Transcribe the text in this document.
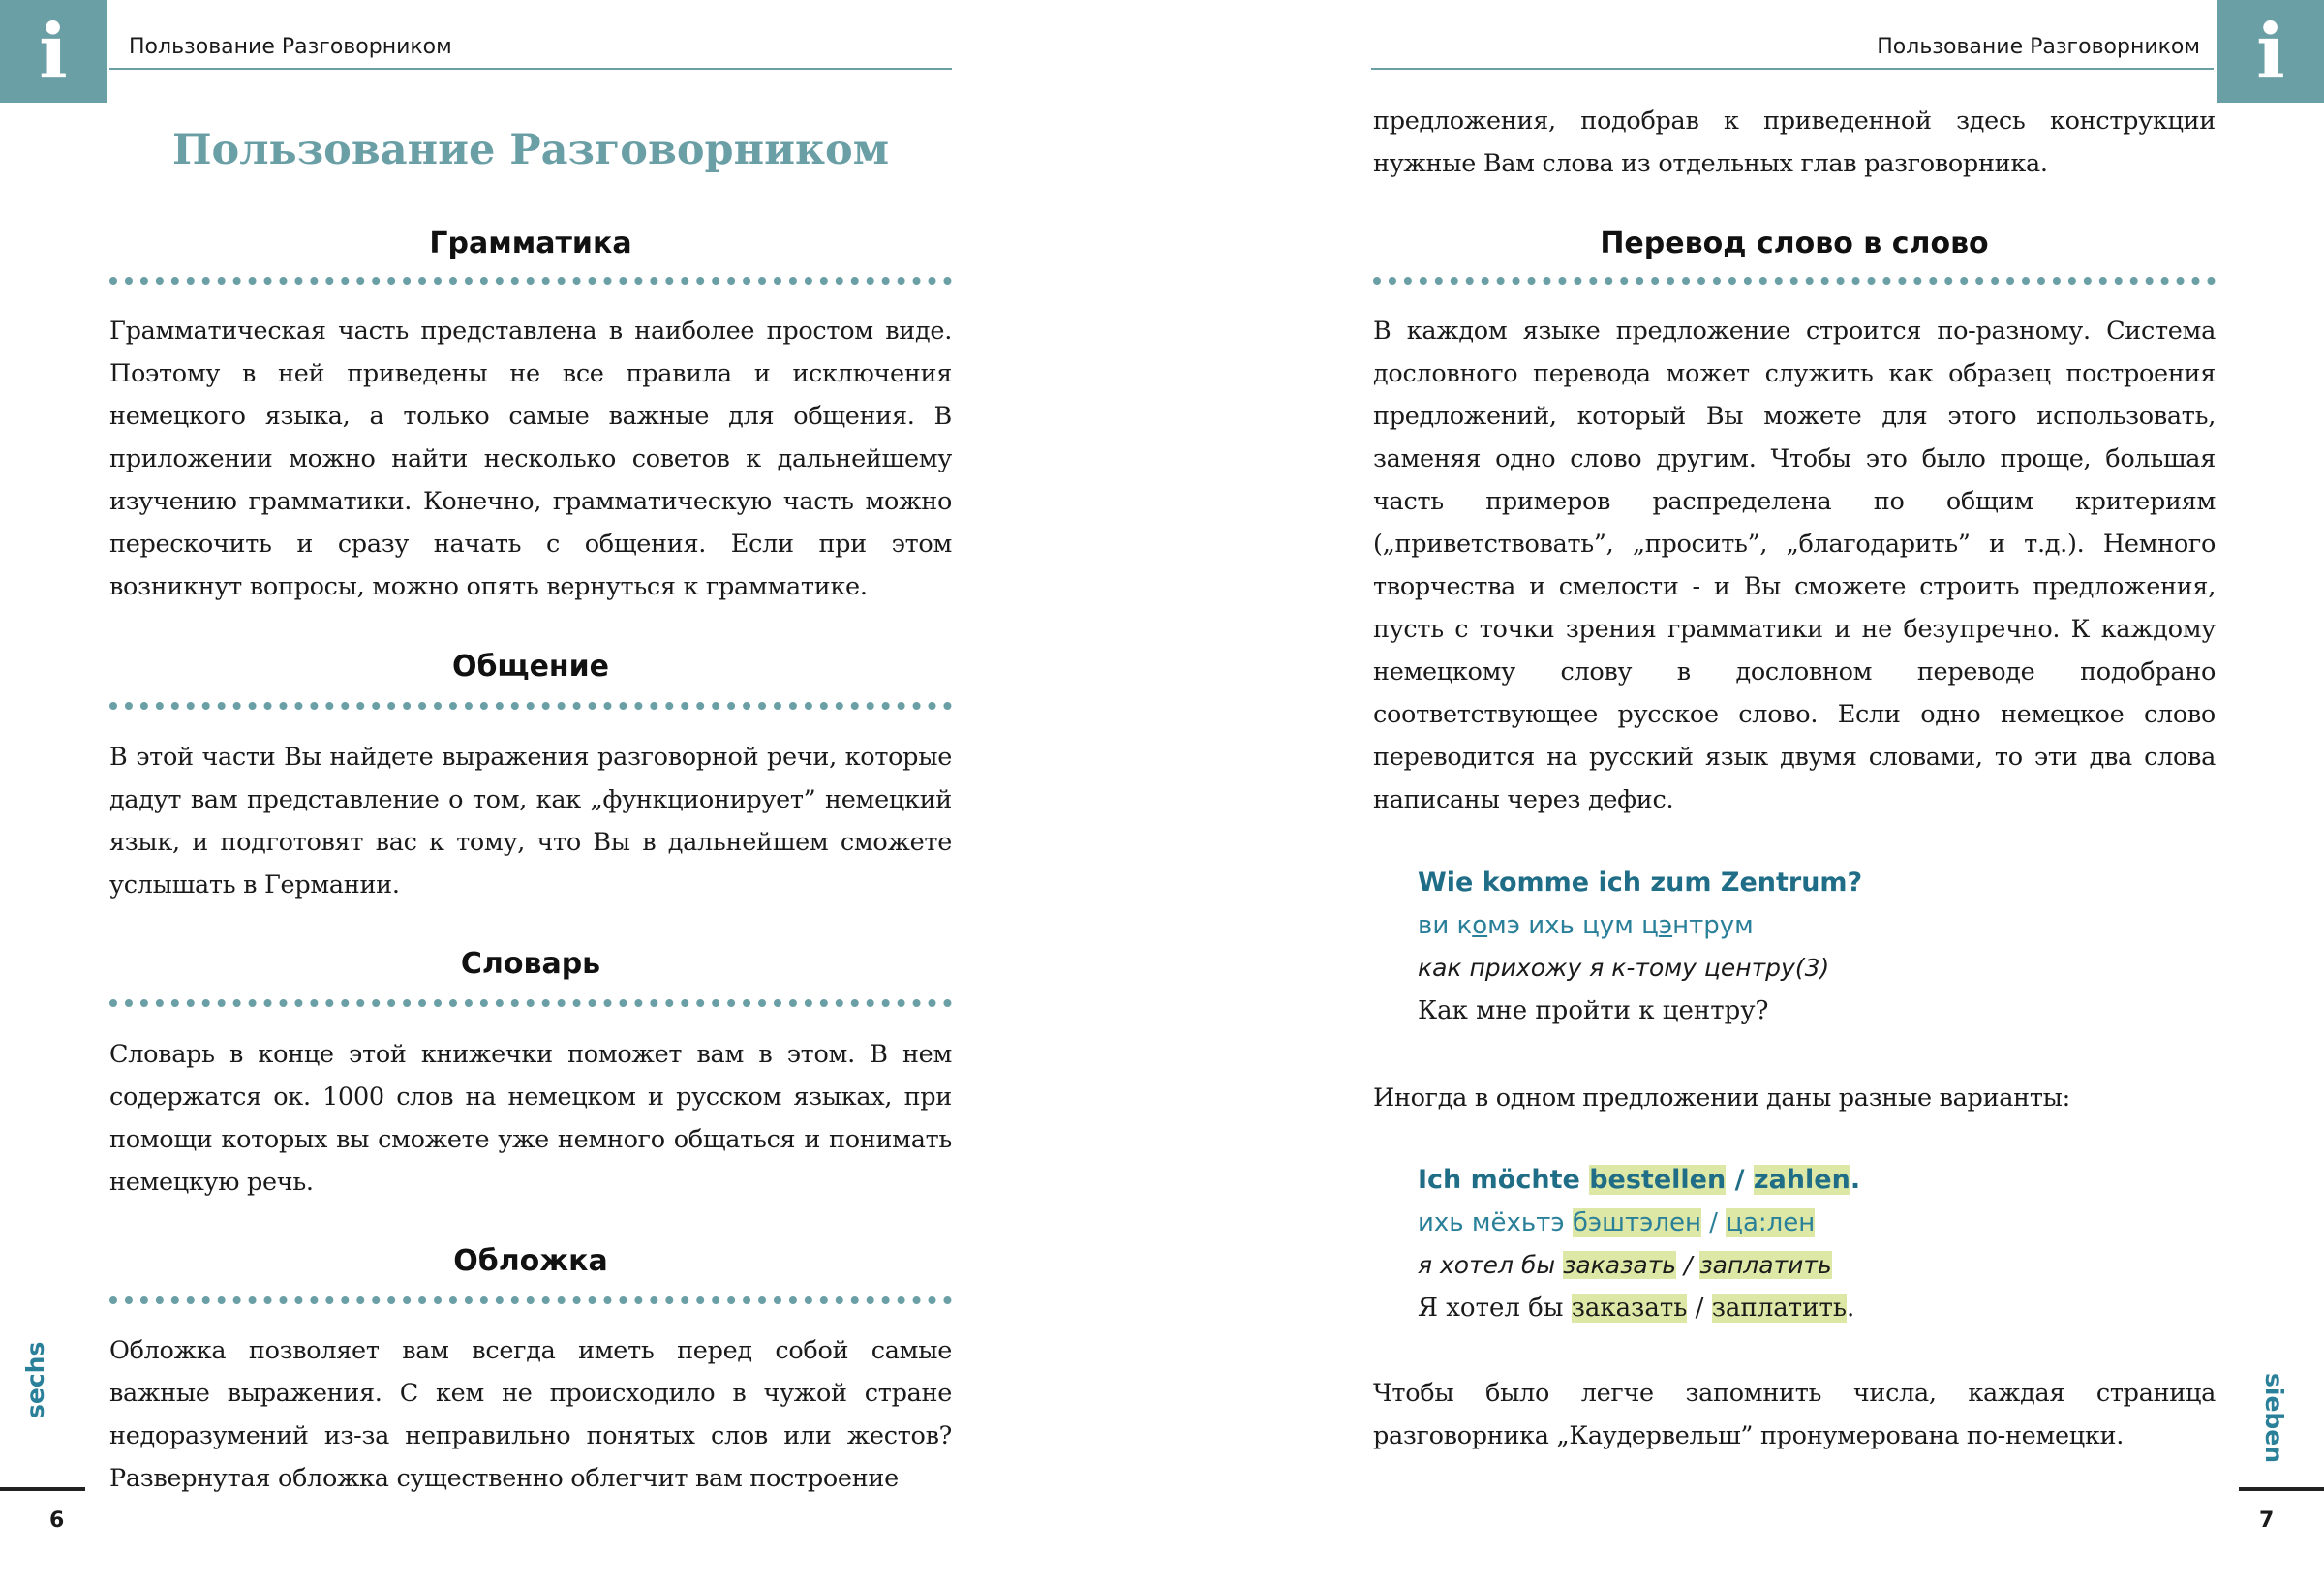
i	Пользование Разговорником
Пользование Разговорником
Грамматика
Грамматическая часть представлена в наиболее простом виде. Поэтому в ней приведены не все правила и исключения немецкого языка, а только самые важные для общения. В приложении можно найти несколько советов к дальнейшему изучению грамматики. Конечно, грамматическую часть можно перескочить и сразу начать с общения. Если при этом возникнут вопросы, можно опять вернуться к грамматике.
Общение
В этой части Вы найдете выражения разговорной речи, которые дадут вам представление о том, как „функционирует” немецкий язык, и подготовят вас к тому, что Вы в дальнейшем сможете услышать в Германии.
Словарь
Словарь в конце этой книжечки поможет вам в этом. В нем содержатся ок. 1000 слов на немецком и русском языках, при помощи которых вы сможете уже немного общаться и понимать немецкую речь.
Обложка
Обложка позволяет вам всегда иметь перед собой самые важные выражения. С кем не происходило в чужой стране недоразумений из-за неправильно понятых слов или жестов? Развернутая обложка существенно облегчит вам построение
sechs
6
i
Пользование Разговорником
предложения, подобрав к приведенной здесь конструкции нужные Вам слова из отдельных глав разговорника.
Перевод слово в слово
В каждом языке предложение строится по-разному. Система дословного перевода может служить как образец построения предложений, который Вы можете для этого использовать, заменяя одно слово другим. Чтобы это было проще, большая часть примеров распределена по общим критериям („приветствовать”, „просить”, „благодарить” и т.д.). Немного творчества и смелости - и Вы сможете строить предложения, пусть с точки зрения грамматики и не безупречно. К каждому немецкому слову в дословном переводе подобрано соответствующее русское слово. Если одно немецкое слово переводится на русский язык двумя словами, то эти два слова написаны через дефис.
Wie komme ich zum Zentrum?
ви комэ ихь цум цэнтрум
как прихожу я к-тому центру(3)
Как мне пройти к центру?
Иногда в одном предложении даны разные варианты:
Ich möchte bestellen / zahlen.
ихь мёхьтэ бэштэлен / ца:лен
я хотел бы заказать / заплатить
Я хотел бы заказать / заплатить.
Чтобы было легче запомнить числа, каждая страница разговорника „Каудервельш” пронумерована по-немецки.	sieben
7
